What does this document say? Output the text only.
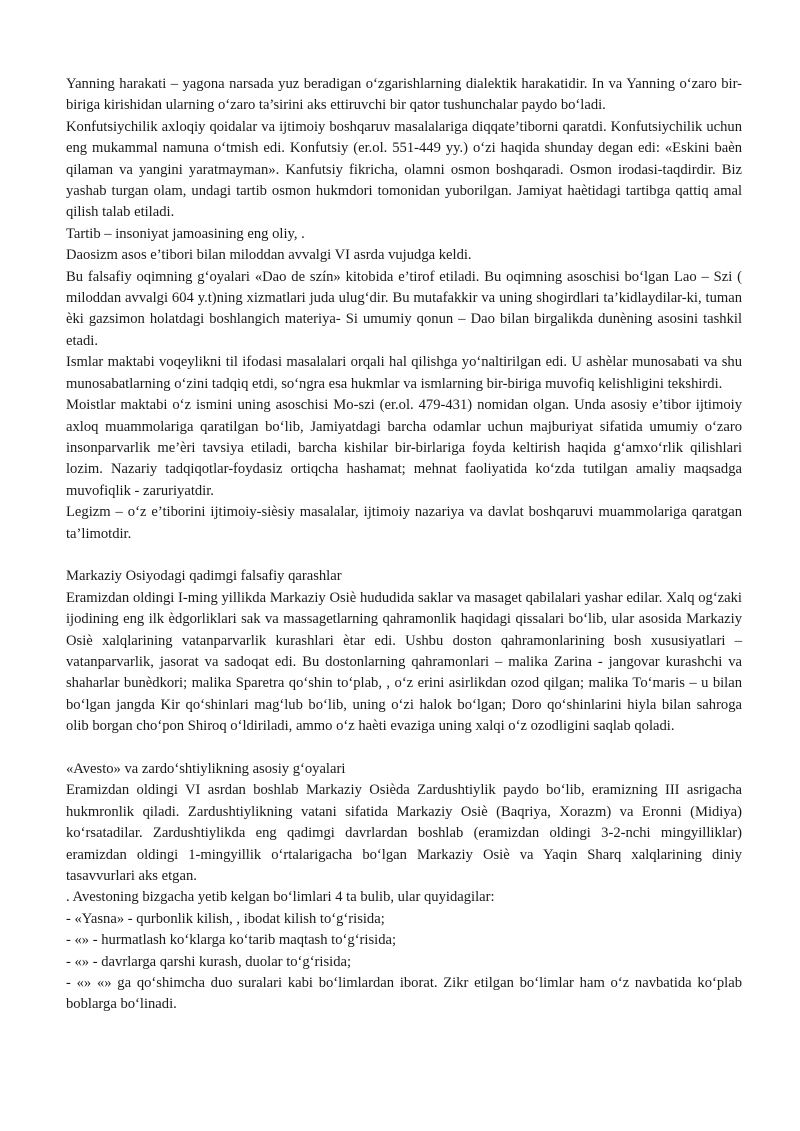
Yanning harakati – yagona narsada yuz beradigan o‘zgarishlarning dialektik harakatidir. In va Yanning o‘zaro bir-biriga kirishidan ularning o‘zaro ta’sirini aks ettiruvchi bir qator tushunchalar paydo bo‘ladi.

Konfutsiychilik axloqiy qoidalar va ijtimoiy boshqaruv masalalariga diqqate’tiborni qaratdi. Konfutsiychilik uchun eng mukammal namuna o‘tmish edi. Konfutsiy (er.ol. 551-449 yy.) o‘zi haqida shunday degan edi: «Eskini baèn qilaman va yangini yaratmayman». Kanfutsiy fikricha, olamni osmon boshqaradi. Osmon irodasi-taqdirdir. Biz yashab turgan olam, undagi tartib osmon hukmdori tomonidan yuborilgan. Jamiyat haètidagi tartibga qattiq amal qilish talab etiladi.

Tartib – insoniyat jamoasining eng oliy, .

Daosizm asos e’tibori bilan miloddan avvalgi VI asrda vujudga keldi.

Bu falsafiy oqimning g‘oyalari «Dao de szín» kitobida e’tirof etiladi. Bu oqimning asoschisi bo‘lgan Lao – Szi ( miloddan avvalgi 604 y.t)ning xizmatlari juda ulug‘dir. Bu mutafakkir va uning shogirdlari ta’kidlaydilar-ki, tuman èki gazsimon holatdagi boshlangich materiya- Si umumiy qonun – Dao bilan birgalikda dunèning asosini tashkil etadi.

Ismlar maktabi voqeylikni til ifodasi masalalari orqali hal qilishga yo‘naltirilgan edi. U ashèlar munosabati va shu munosabatlarning o‘zini tadqiq etdi, so‘ngra esa hukmlar va ismlarning bir-biriga muvofiq kelishligini tekshirdi.

Moistlar maktabi o‘z ismini uning asoschisi Mo-szi (er.ol. 479-431) nomidan olgan. Unda asosiy e’tibor ijtimoiy axloq muammolariga qaratilgan bo‘lib, Jamiyatdagi barcha odamlar uchun majburiyat sifatida umumiy o‘zaro insonparvarlik me’èri tavsiya etiladi, barcha kishilar bir-birlariga foyda keltirish haqida g‘amxo‘rlik qilishlari lozim. Nazariy tadqiqotlar-foydasiz ortiqcha hashamat; mehnat faoliyatida ko‘zda tutilgan amaliy maqsadga muvofiqlik - zaruriyatdir.

Legizm – o‘z e’tiborini ijtimoiy-sièsiy masalalar, ijtimoiy nazariya va davlat boshqaruvi muammolariga qaratgan ta’limotdir.

Markaziy Osiyodagi qadimgi falsafiy qarashlar

Eramizdan oldingi I-ming yillikda Markaziy Osiè hududida saklar va masaget qabilalari yashar edilar. Xalq og‘zaki ijodining eng ilk èdgorliklari sak va massagetlarning qahramonlik haqidagi qissalari bo‘lib, ular asosida Markaziy Osiè xalqlarining vatanparvarlik kurashlari ètar edi. Ushbu doston qahramonlarining bosh xususiyatlari – vatanparvarlik, jasorat va sadoqat edi. Bu dostonlarning qahramonlari – malika Zarina - jangovar kurashchi va shaharlar bunèdkori; malika Sparetra qo‘shin to‘plab, , o‘z erini asirlikdan ozod qilgan; malika To‘maris – u bilan bo‘lgan jangda Kir qo‘shinlari mag‘lub bo‘lib, uning o‘zi halok bo‘lgan; Doro qo‘shinlarini hiyla bilan sahroga olib borgan cho‘pon Shiroq o‘ldiriladi, ammo o‘z haèti evaziga uning xalqi o‘z ozodligini saqlab qoladi.

«Avesto» va zardo‘shtiylikning asosiy g‘oyalari

Eramizdan oldingi VI asrdan boshlab Markaziy Osièda Zardushtiylik paydo bo‘lib, eramizning III asrigacha hukmronlik qiladi. Zardushtiylikning vatani sifatida Markaziy Osiè (Baqriya, Xorazm) va Eronni (Midiya) ko‘rsatadilar. Zardushtiylikda eng qadimgi davrlardan boshlab (eramizdan oldingi 3-2-nchi mingyilliklar) eramizdan oldingi 1-mingyillik o‘rtalarigacha bo‘lgan Markaziy Osiè va Yaqin Sharq xalqlarining diniy tasavvurlari aks etgan.

. Avestoning bizgacha yetib kelgan bo‘limlari 4 ta bulib, ular quyidagilar:

- «Yasna» - qurbonlik kilish, , ibodat kilish to‘g‘risida;

- «» - hurmatlash ko‘klarga ko‘tarib maqtash to‘g‘risida;

- «» - davrlarga qarshi kurash, duolar to‘g‘risida;

- «» «» ga qo‘shimcha duo suralari kabi bo‘limlardan iborat. Zikr etilgan bo‘limlar ham o‘z navbatida ko‘plab boblarga bo‘linadi.
